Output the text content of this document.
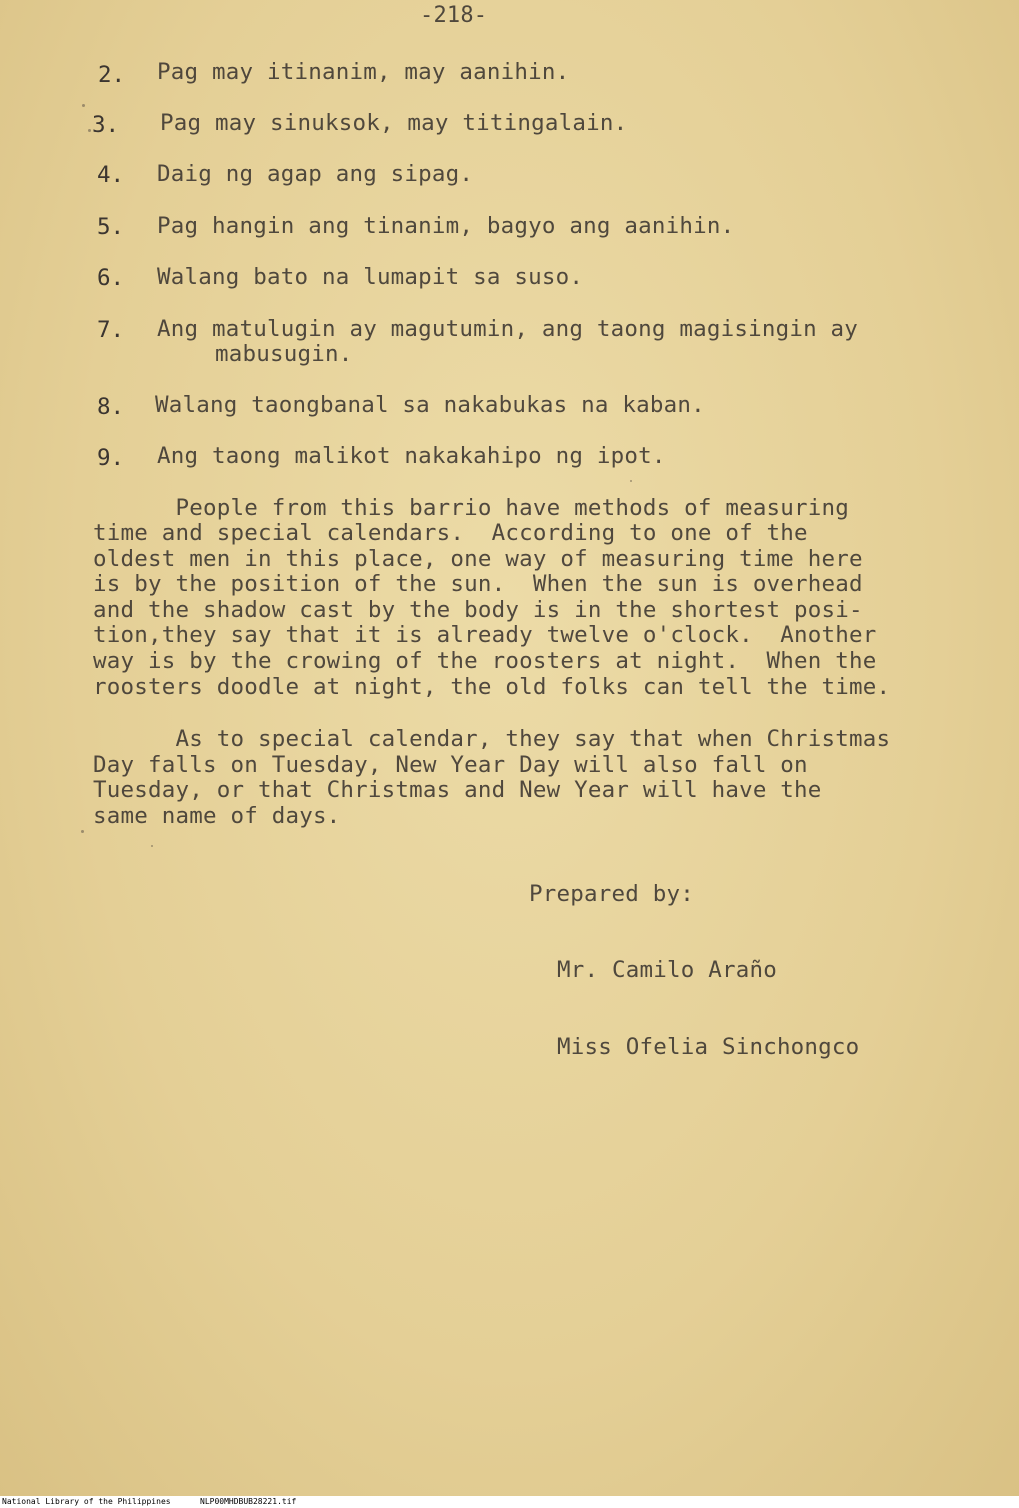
-218-
2. Pag may itinanim, may aanihin.
3. Pag may sinuksok, may titingalain.
4. Daig ng agap ang sipag.
5. Pag hangin ang tinanim, bagyo ang aanihin.
6. Walang bato na lumapit sa suso.
7. Ang matulugin ay magutumin, ang taong magisingin ay
mabusugin.
8. Walang taongbanal sa nakabukas na kaban.
9. Ang taong malikot nakakahipo ng ipot.
People from this barrio have methods of measuring
time and special calendars.  According to one of the
oldest men in this place, one way of measuring time here
is by the position of the sun.  When the sun is overhead
and the shadow cast by the body is in the shortest posi-
tion,they say that it is already twelve o'clock.  Another
way is by the crowing of the roosters at night.  When the
roosters doodle at night, the old folks can tell the time.
As to special calendar, they say that when Christmas
Day falls on Tuesday, New Year Day will also fall on
Tuesday, or that Christmas and New Year will have the
same name of days.
Prepared by:
Mr. Camilo Araño
Miss Ofelia Sinchongco
National Library of the Philippines	NLP00MHDBUB28221.tif
